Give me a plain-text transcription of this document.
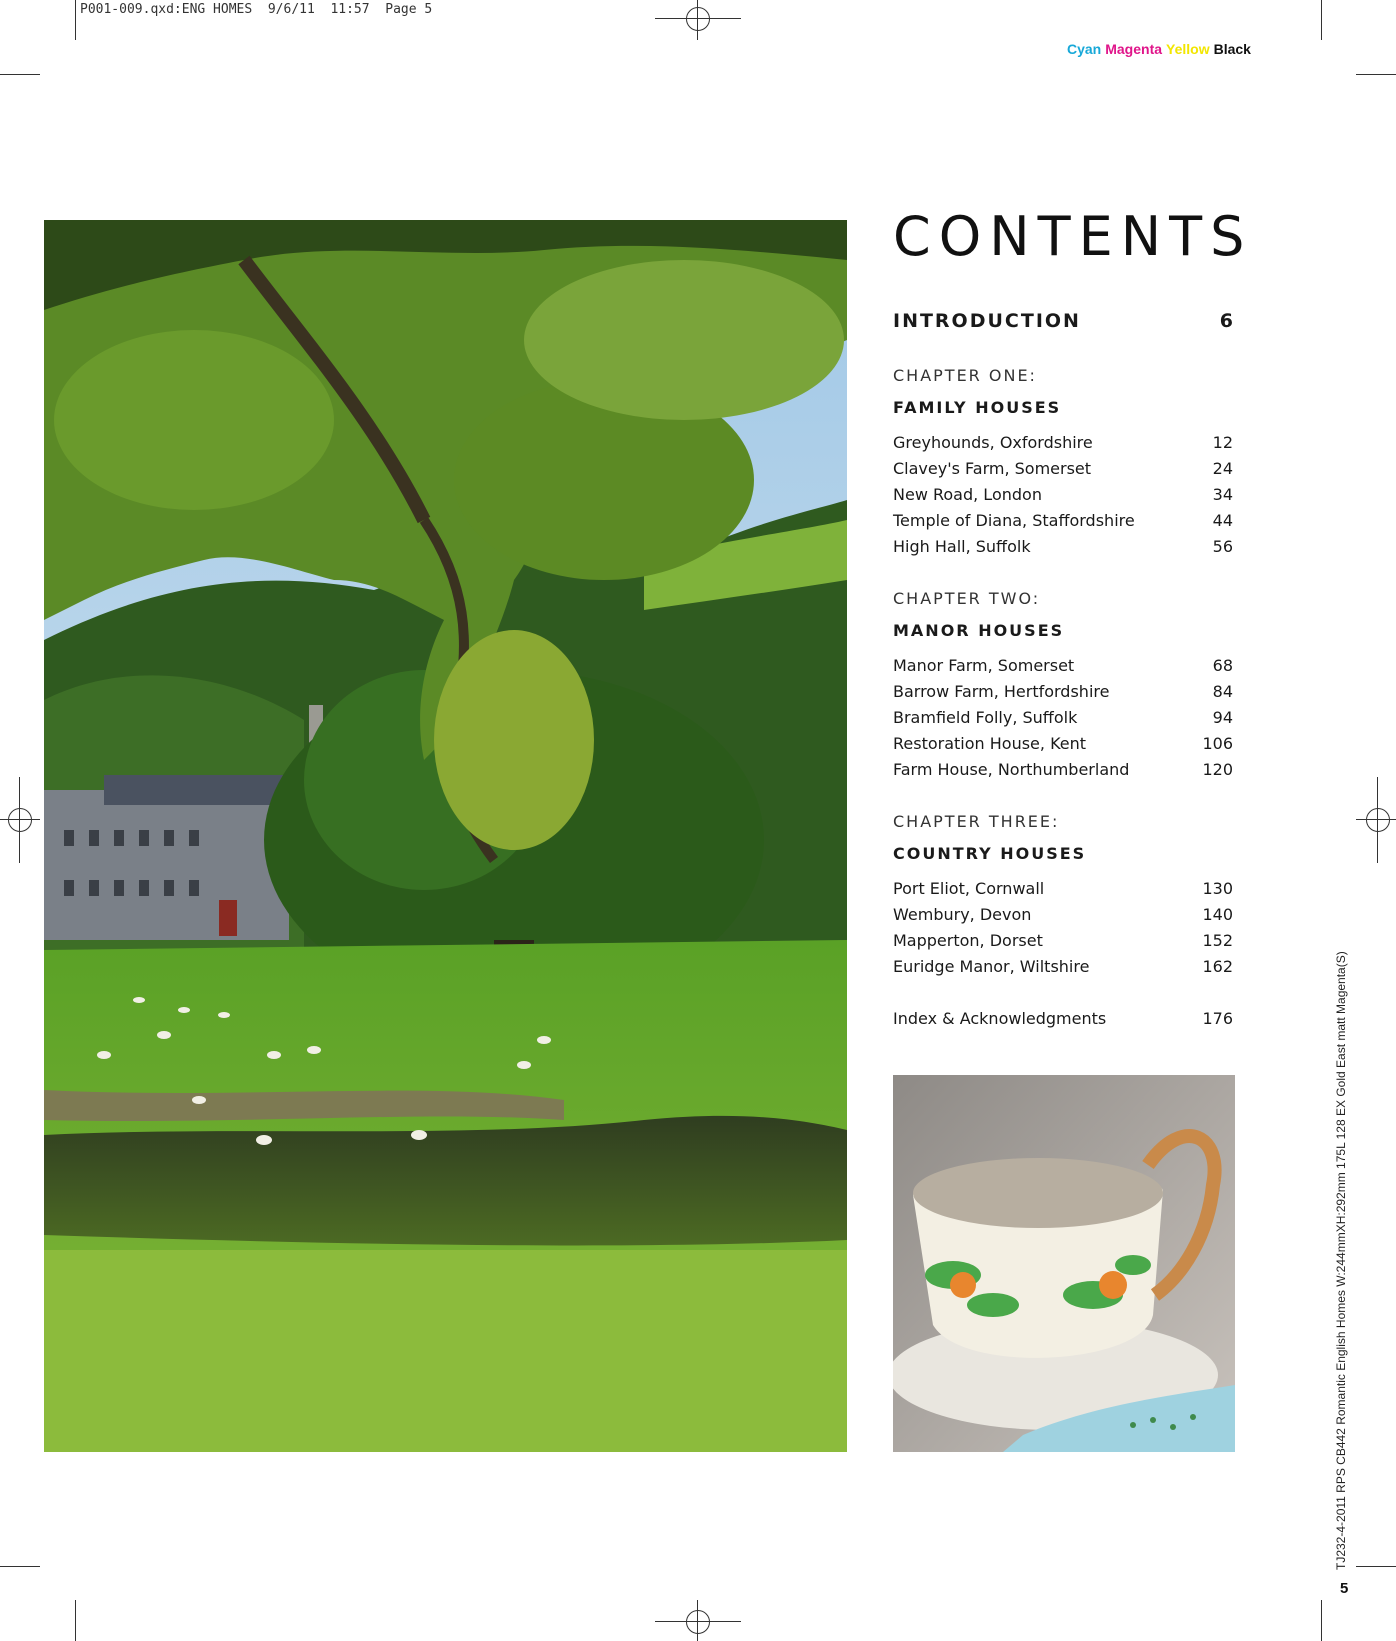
P001-009.qxd:ENG HOMES  9/6/11  11:57  Page 5
Cyan Magenta Yellow Black
CONTENTS
INTRODUCTION	6
CHAPTER ONE:
FAMILY HOUSES
Greyhounds, Oxfordshire	12
Clavey's Farm, Somerset	24
New Road, London	34
Temple of Diana, Staffordshire	44
High Hall, Suffolk	56
CHAPTER TWO:
MANOR HOUSES
Manor Farm, Somerset	68
Barrow Farm, Hertfordshire	84
Bramfield Folly, Suffolk	94
Restoration House, Kent	106
Farm House, Northumberland	120
CHAPTER THREE:
COUNTRY HOUSES
Port Eliot, Cornwall	130
Wembury, Devon	140
Mapperton, Dorset	152
Euridge Manor, Wiltshire	162
Index & Acknowledgments	176	TJ232-4-2011 RPS CB442 Romantic English Homes W:244mmXH:292mm 175L 128 EX Gold East matt Magenta(S)
5
